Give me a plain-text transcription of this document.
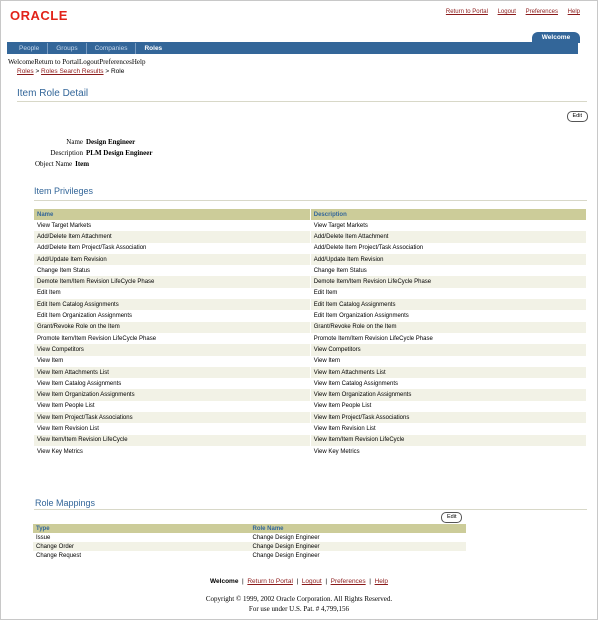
ORACLE	Return to Portal Logout Preferences Help
Welcome
People	Groups	Companies	Roles
WelcomeReturn to PortalLogoutPreferencesHelp
Roles > Roles Search Results > Role
Item Role Detail
Edit
Name Design Engineer
Description PLM Design Engineer
Object Name Item
Item Privileges
Name	Description
View Target Markets	View Target Markets
Add/Delete Item Attachment	Add/Delete Item Attachment
Add/Delete Item Project/Task Association	Add/Delete Item Project/Task Association
Add/Update Item Revision	Add/Update Item Revision
Change Item Status	Change Item Status
Demote Item/Item Revision LifeCycle Phase	Demote Item/Item Revision LifeCycle Phase
Edit Item	Edit Item
Edit Item Catalog Assignments	Edit Item Catalog Assignments
Edit Item Organization Assignments	Edit Item Organization Assignments
Grant/Revoke Role on the Item	Grant/Revoke Role on the Item
Promote Item/Item Revision LifeCycle Phase	Promote Item/Item Revision LifeCycle Phase
View Competitors	View Competitors
View Item	View Item
View Item Attachments List	View Item Attachments List
View Item Catalog Assignments	View Item Catalog Assignments
View Item Organization Assignments	View Item Organization Assignments
View Item People List	View Item People List
View Item Project/Task Associations	View Item Project/Task Associations
View Item Revision List	View Item Revision List
View Item/Item Revision LifeCycle	View Item/Item Revision LifeCycle
View Key Metrics	View Key Metrics
Role Mappings
Edit
Type	Role Name
Issue	Change Design Engineer
Change Order	Change Design Engineer
Change Request	Change Design Engineer
Welcome  |  Return to Portal  |  Logout  |  Preferences  |  Help
Copyright © 1999, 2002 Oracle Corporation. All Rights Reserved.
For use under U.S. Pat. # 4,799,156
